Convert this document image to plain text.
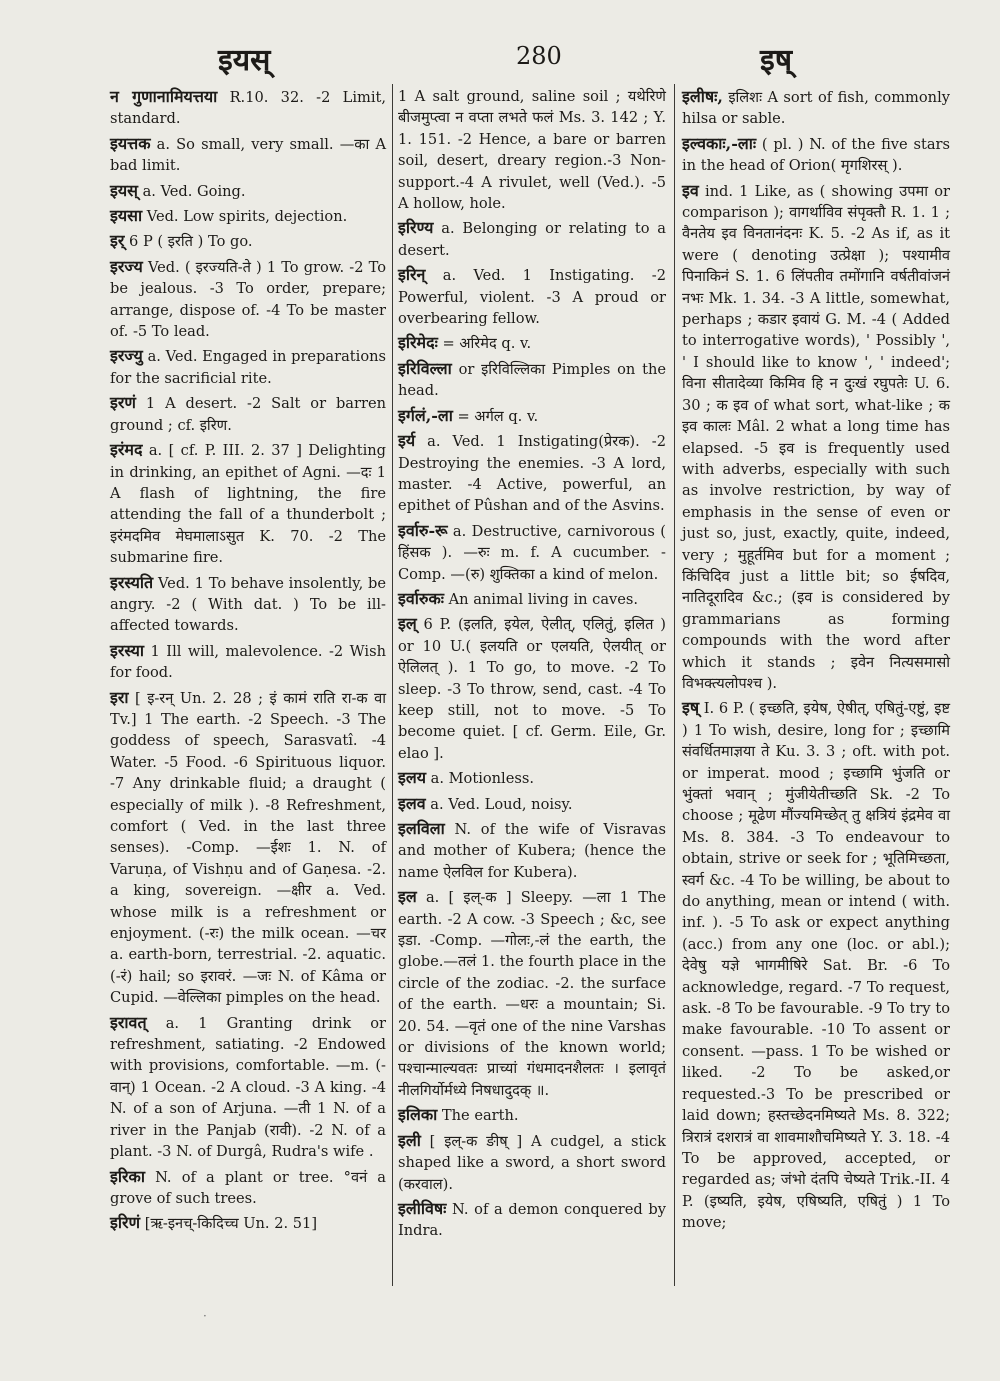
इयस्	280	इष्
न गुणानामियत्तया R.10. 32. -2 Limit, standard.
इयत्तक a. So small, very small. —का A bad limit.
इयस् a. Ved. Going.
इयसा Ved. Low spirits, dejection.
इर् 6 P ( इरति ) To go.
इरज्य Ved. ( इरज्यति-ते ) 1 To grow. -2 To be jealous. -3 To order, prepare; arrange, dispose of. -4 To be master of. -5 To lead.
इरज्यु a. Ved. Engaged in preparations for the sacrificial rite.
इरणं 1 A desert. -2 Salt or barren ground ; cf. इरिण.
इरंमद a. [ cf. P. III. 2. 37 ] Delighting in drinking, an epithet of Agni. —दः 1 A flash of lightning, the fire attending the fall of a thunderbolt ; इरंमदमिव मेघमालाऽसुत K. 70. -2 The submarine fire.
इरस्यति Ved. 1 To behave insolently, be angry. -2 ( With dat. ) To be ill-affected towards.
इरस्या 1 Ill will, malevolence. -2 Wish for food.
इरा [ इ-रन् Un. 2. 28 ; इं कामं राति रा-क वा Tv.] 1 The earth. -2 Speech. -3 The goddess of speech, Sarasvatî. -4 Water. -5 Food. -6 Spirituous liquor. -7 Any drinkable fluid; a draught ( especially of milk ). -8 Refreshment, comfort ( Ved. in the last three senses). -Comp. —ईशः 1. N. of Varuṇa, of Vishṇu and of Gaṇesa. -2. a king, sovereign. —क्षीर a. Ved. whose milk is a refreshment or enjoyment. (-रः) the milk ocean. —चर a. earth-born, terrestrial. -2. aquatic. (-रं) hail; so इरावरं. —जः N. of Kâma or Cupid. —वेल्लिका pimples on the head.
इरावत् a. 1 Granting drink or refreshment, satiating. -2 Endowed with provisions, comfortable. —m. (-वान्) 1 Ocean. -2 A cloud. -3 A king. -4 N. of a son of Arjuna. —ती 1 N. of a river in the Panjab (रावी). -2 N. of a plant. -3 N. of Durgâ, Rudra's wife .
इरिका N. of a plant or tree. °वनं a grove of such trees.
इरिणं [ऋ-इनच्-किदिच्च Un. 2. 51]
1 A salt ground, saline soil ; यथेरिणे बीजमुप्त्वा न वप्ता लभते फलं Ms. 3. 142 ; Y. 1. 151. -2 Hence, a bare or barren soil, desert, dreary region.-3 Non-support.-4 A rivulet, well (Ved.). -5 A hollow, hole.
इरिण्य a. Belonging or relating to a desert.
इरिन् a. Ved. 1 Instigating. -2 Powerful, violent. -3 A proud or overbearing fellow.
इरिमेदः = अरिमेद q. v.
इरिविल्ला or इरिविल्लिका Pimples on the head.
इर्गलं,-ला = अर्गल q. v.
इर्य a. Ved. 1 Instigating(प्रेरक). -2 Destroying the enemies. -3 A lord, master. -4 Active, powerful, an epithet of Pûshan and of the Asvins.
इर्वारु-रू a. Destructive, carnivorous ( हिंसक ). —रुः m. f. A cucumber. -Comp. —(रु) शुक्तिका a kind of melon.
इर्वारुकः An animal living in caves.
इल् 6 P. (इलति, इयेल, ऐलीत्, एलितुं, इलित ) or 10 U.( इलयति or एलयति, ऐलयीत् or ऐलिलत् ). 1 To go, to move. -2 To sleep. -3 To throw, send, cast. -4 To keep still, not to move. -5 To become quiet. [ cf. Germ. Eile, Gr. elao ].
इलय a. Motionless.
इलव a. Ved. Loud, noisy.
इलविला N. of the wife of Visravas and mother of Kubera; (hence the name ऐलविल for Kubera).
इल a. [ इल्-क ] Sleepy. —ला 1 The earth. -2 A cow. -3 Speech ; &c, see इडा. -Comp. —गोलः,-लं the earth, the globe.—तलं 1. the fourth place in the circle of the zodiac. -2. the surface of the earth. —धरः a mountain; Si. 20. 54. —वृतं one of the nine Varshas or divisions of the known world; पश्चान्माल्यवतः प्राच्यां गंधमादनशैलतः । इलावृतं नीलगिर्योर्मध्ये निषधादुदक् ॥.
इलिका The earth.
इली [ इल्-क ङीष् ] A cudgel, a stick shaped like a sword, a short sword (करवाल).
इलीविषः N. of a demon conquered by Indra.
इलीषः, इलिशः A sort of fish, commonly hilsa or sable.
इल्वकाः,-लाः ( pl. ) N. of the five stars in the head of Orion( मृगशिरस् ).
इव ind. 1 Like, as ( showing उपमा or comparison ); वागर्थाविव संपृक्तौ R. 1. 1 ; वैनतेय इव विनतानंदनः K. 5. -2 As if, as it were ( denoting उत्प्रेक्षा ); पश्यामीव पिनाकिनं S. 1. 6 लिंपतीव तमोंगानि वर्षतीवांजनं नभः Mk. 1. 34. -3 A little, somewhat, perhaps ; कडार इवायं G. M. -4 ( Added to interrogative words), ' Possibly ', ' I should like to know ', ' indeed'; विना सीतादेव्या किमिव हि न दुःखं रघुपतेः U. 6. 30 ; क इव of what sort, what-like ; क इव कालः Mâl. 2 what a long time has elapsed. -5 इव is frequently used with adverbs, especially with such as involve restriction, by way of emphasis in the sense of even or just so, just, exactly, quite, indeed, very ; मुहूर्तमिव but for a moment ; किंचिदिव just a little bit; so ईषदिव, नातिदूरादिव &c.; (इव is considered by grammarians as forming compounds with the word after which it stands ; इवेन नित्यसमासो विभक्त्यलोपश्च ).
इष् I. 6 P. ( इच्छति, इयेष, ऐषीत्, एषितुं-एष्टुं, इष्ट ) 1 To wish, desire, long for ; इच्छामि संवर्धितमाज्ञया ते Ku. 3. 3 ; oft. with pot. or imperat. mood ; इच्छामि भुंजति or भुंक्तां भवान् ; मुंजीयेतीच्छति Sk. -2 To choose ; मूढेण मौंज्यमिच्छेत् तु क्षत्रियं इंद्रमेव वा Ms. 8. 384. -3 To endeavour to obtain, strive or seek for ; भूतिमिच्छता, स्वर्ग &c. -4 To be willing, be about to do anything, mean or intend ( with. inf. ). -5 To ask or expect anything (acc.) from any one (loc. or abl.); देवेषु यज्ञे भागमीषिरे Sat. Br. -6 To acknowledge, regard. -7 To request, ask. -8 To be favourable. -9 To try to make favourable. -10 To assent or consent. —pass. 1 To be wished or liked. -2 To be asked,or requested.-3 To be prescribed or laid down; हस्तच्छेदनमिष्यते Ms. 8. 322; त्रिरात्रं दशरात्रं वा शावमाशौचमिष्यते Y. 3. 18. -4 To be approved, accepted, or regarded as; जंभो दंतपि चेष्यते Trik.-II. 4 P. (इष्यति, इयेष, एषिष्यति, एषितुं ) 1 To move;
·
